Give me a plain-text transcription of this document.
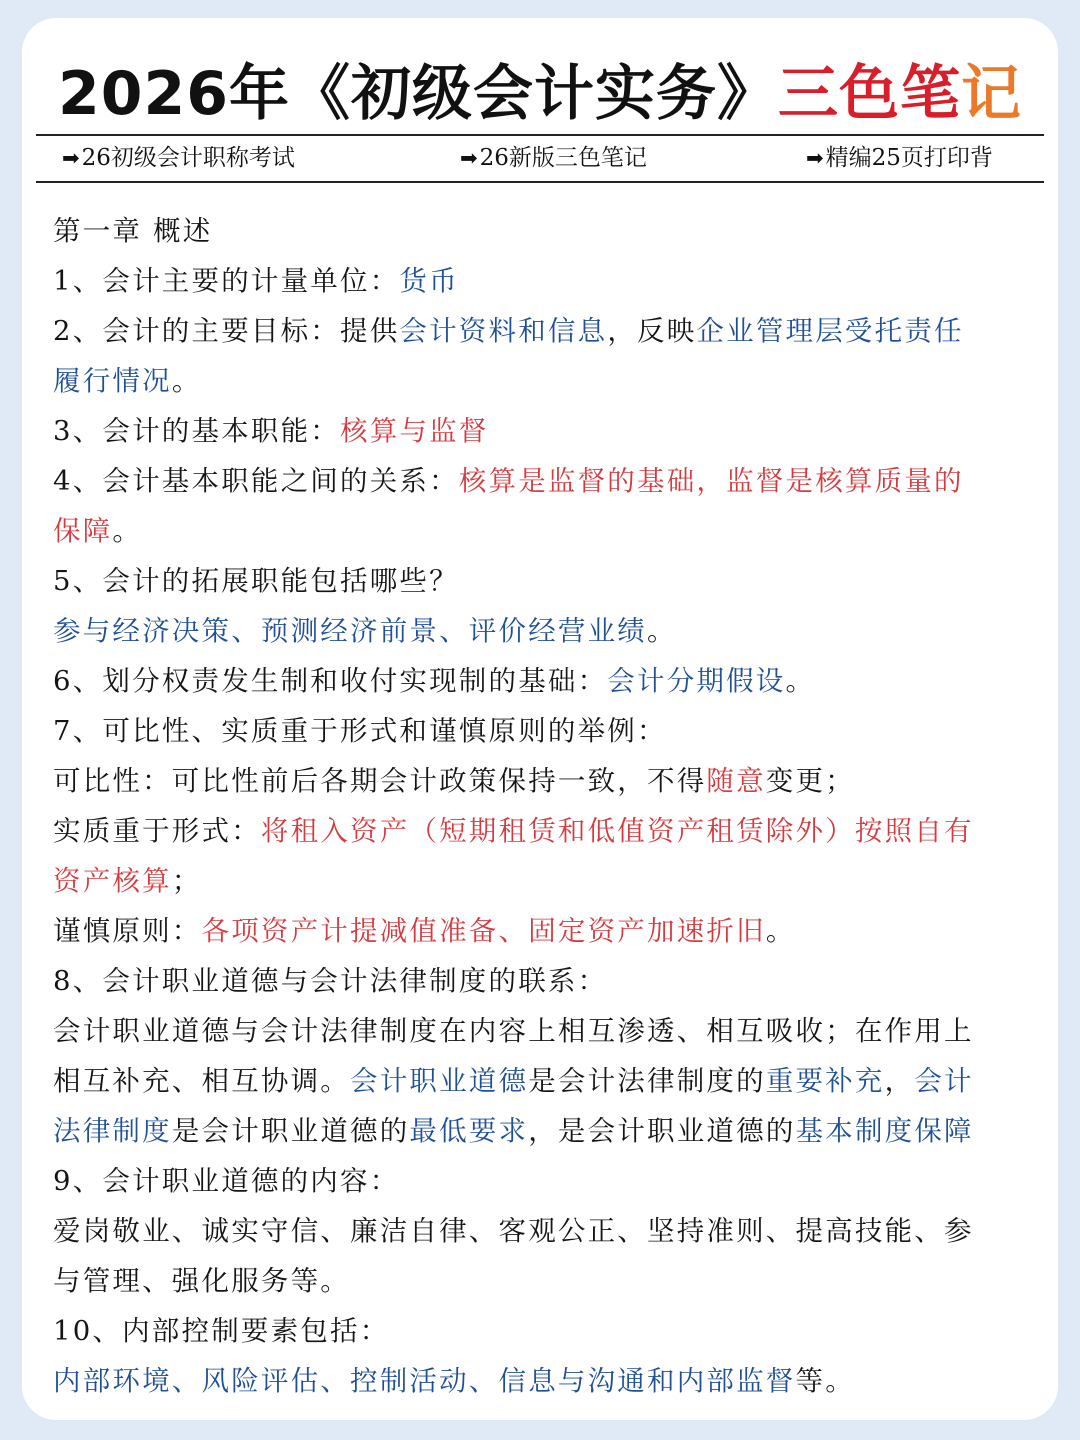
2026年《初级会计实务》三色笔记
➡26初级会计职称考试	➡26新版三色笔记	➡精编25页打印背
第一章 概述
1、会计主要的计量单位：货币
2、会计的主要目标：提供会计资料和信息，反映企业管理层受托责任
履行情况。
3、会计的基本职能：核算与监督
4、会计基本职能之间的关系：核算是监督的基础，监督是核算质量的
保障。
5、会计的拓展职能包括哪些？
参与经济决策、预测经济前景、评价经营业绩。
6、划分权责发生制和收付实现制的基础：会计分期假设。
7、可比性、实质重于形式和谨慎原则的举例：
可比性：可比性前后各期会计政策保持一致，不得随意变更；
实质重于形式：将租入资产（短期租赁和低值资产租赁除外）按照自有
资产核算；
谨慎原则：各项资产计提减值准备、固定资产加速折旧。
8、会计职业道德与会计法律制度的联系：
会计职业道德与会计法律制度在内容上相互渗透、相互吸收；在作用上
相互补充、相互协调。会计职业道德是会计法律制度的重要补充，会计
法律制度是会计职业道德的最低要求，是会计职业道德的基本制度保障
9、会计职业道德的内容：
爱岗敬业、诚实守信、廉洁自律、客观公正、坚持准则、提高技能、参
与管理、强化服务等。
10、内部控制要素包括：
内部环境、风险评估、控制活动、信息与沟通和内部监督等。
